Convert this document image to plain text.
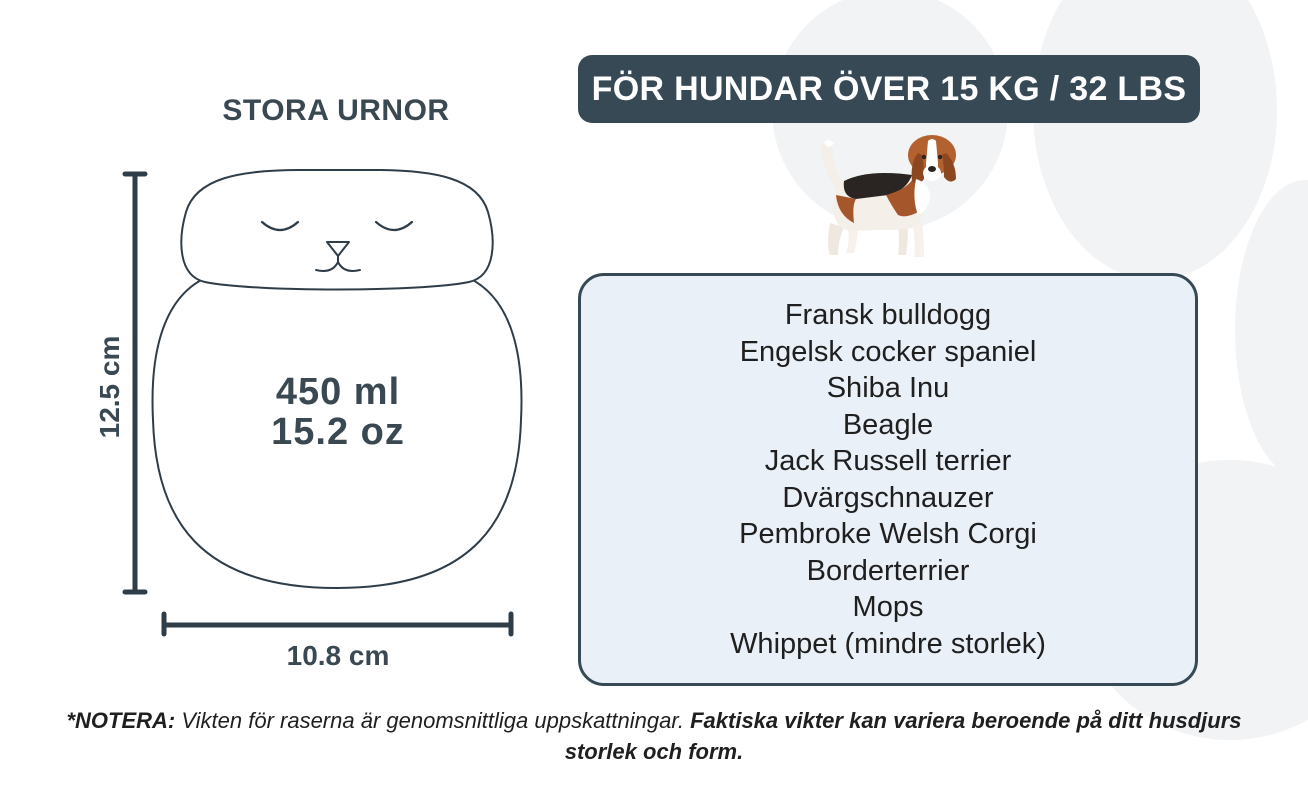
STORA URNOR
12.5 cm
10.8 cm
450 ml
15.2 oz
FÖR HUNDAR ÖVER 15 KG / 32 LBS
Fransk bulldogg
Engelsk cocker spaniel
Shiba Inu
Beagle
Jack Russell terrier
Dvärgschnauzer
Pembroke Welsh Corgi
Borderterrier
Mops
Whippet (mindre storlek)
*NOTERA: Vikten för raserna är genomsnittliga uppskattningar. Faktiska vikter kan variera beroende på ditt husdjurs storlek och form.
